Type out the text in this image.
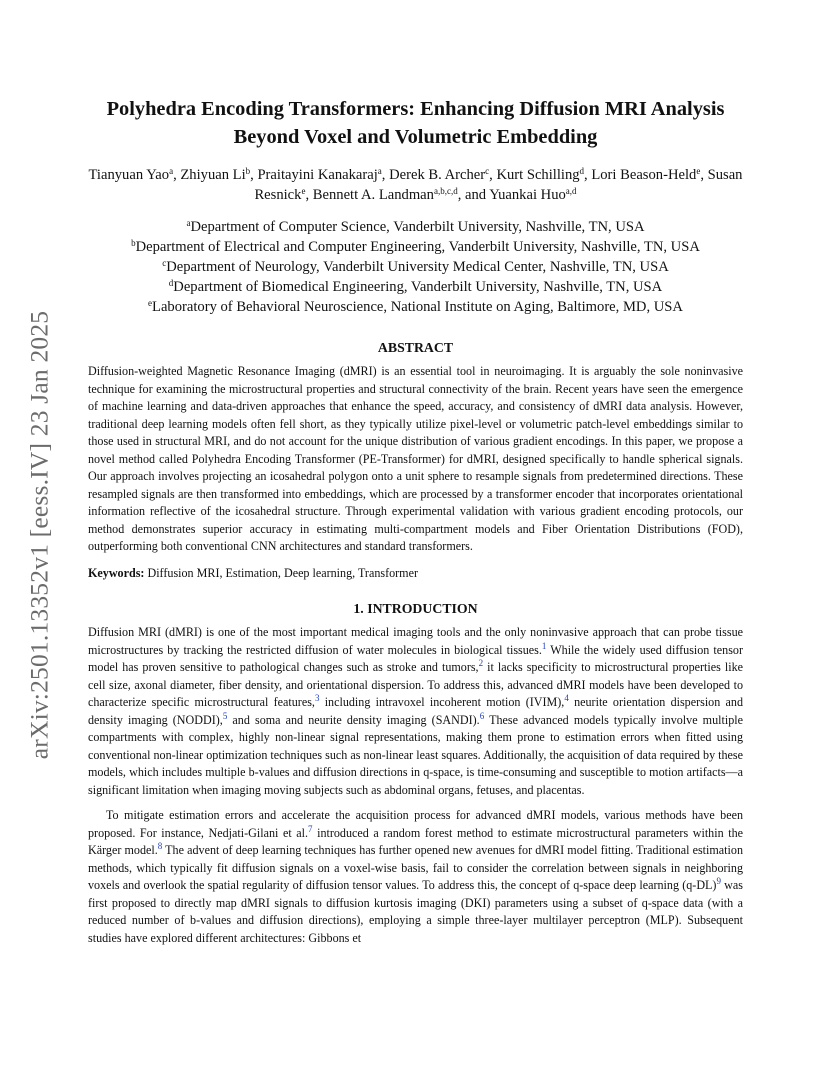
arXiv:2501.13352v1 [eess.IV] 23 Jan 2025
Polyhedra Encoding Transformers: Enhancing Diffusion MRI Analysis
Beyond Voxel and Volumetric Embedding
Tianyuan Yao$^a$, Zhiyuan Li$^b$, Praitayini Kanakaraj$^a$, Derek B. Archer$^c$, Kurt Schilling$^d$, Lori Beason-Held$^e$, Susan Resnick$^e$, Bennett A. Landman$^{a,b,c,d}$, and Yuankai Huo$^{a,d}$
$^a$Department of Computer Science, Vanderbilt University, Nashville, TN, USA
$^b$Department of Electrical and Computer Engineering, Vanderbilt University, Nashville, TN, USA
$^c$Department of Neurology, Vanderbilt University Medical Center, Nashville, TN, USA
$^d$Department of Biomedical Engineering, Vanderbilt University, Nashville, TN, USA
$^e$Laboratory of Behavioral Neuroscience, National Institute on Aging, Baltimore, MD, USA
ABSTRACT

Diffusion-weighted Magnetic Resonance Imaging (dMRI) is an essential tool in neuroimaging. It is arguably the sole noninvasive technique for examining the microstructural properties and structural connectivity of the brain. Recent years have seen the emergence of machine learning and data-driven approaches that enhance the speed, accuracy, and consistency of dMRI data analysis. However, traditional deep learning models often fell short, as they typically utilize pixel-level or volumetric patch-level embeddings similar to those used in structural MRI, and do not account for the unique distribution of various gradient encodings. In this paper, we propose a novel method called Polyhedra Encoding Transformer (PE-Transformer) for dMRI, designed specifically to handle spherical signals. Our approach involves projecting an icosahedral polygon onto a unit sphere to resample signals from predetermined directions. These resampled signals are then transformed into embeddings, which are processed by a transformer encoder that incorporates orientational information reflective of the icosahedral structure. Through experimental validation with various gradient encoding protocols, our method demonstrates superior accuracy in estimating multi-compartment models and Fiber Orientation Distributions (FOD), outperforming both conventional CNN architectures and standard transformers.

Keywords: Diffusion MRI, Estimation, Deep learning, Transformer

1. INTRODUCTION

Diffusion MRI (dMRI) is one of the most important medical imaging tools and the only noninvasive approach that can probe tissue microstructures by tracking the restricted diffusion of water molecules in biological tissues.$^1$ While the widely used diffusion tensor model has proven sensitive to pathological changes such as stroke and tumors,$^2$ it lacks specificity to microstructural properties like cell size, axonal diameter, fiber density, and orientational dispersion. To address this, advanced dMRI models have been developed to characterize specific microstructural features,$^3$ including intravoxel incoherent motion (IVIM),$^4$ neurite orientation dispersion and density imaging (NODDI),$^5$ and soma and neurite density imaging (SANDI).$^6$ These advanced models typically involve multiple compartments with complex, highly non-linear signal representations, making them prone to estimation errors when fitted using conventional non-linear optimization techniques such as non-linear least squares. Additionally, the acquisition of data required by these models, which includes multiple b-values and diffusion directions in q-space, is time-consuming and susceptible to motion artifacts—a significant limitation when imaging moving subjects such as abdominal organs, fetuses, and placentas.

To mitigate estimation errors and accelerate the acquisition process for advanced dMRI models, various methods have been proposed. For instance, Nedjati-Gilani et al.$^7$ introduced a random forest method to estimate microstructural parameters within the Kärger model.$^8$ The advent of deep learning techniques has further opened new avenues for dMRI model fitting. Traditional estimation methods, which typically fit diffusion signals on a voxel-wise basis, fail to consider the correlation between signals in neighboring voxels and overlook the spatial regularity of diffusion tensor values. To address this, the concept of q-space deep learning (q-DL)$^9$ was first proposed to directly map dMRI signals to diffusion kurtosis imaging (DKI) parameters using a subset of q-space data (with a reduced number of b-values and diffusion directions), employing a simple three-layer multilayer perceptron (MLP). Subsequent studies have explored different architectures: Gibbons et
